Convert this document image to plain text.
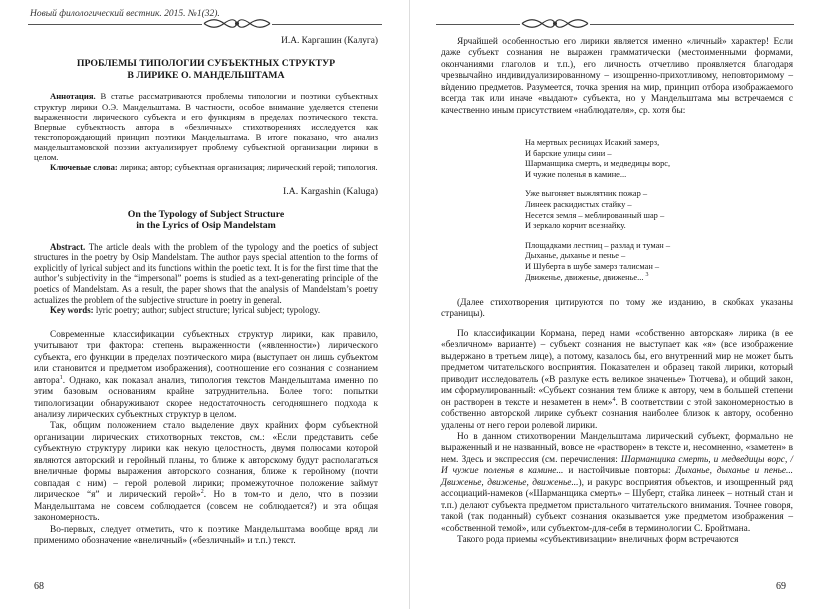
Новый филологический вестник. 2015. №1(32).

И.А. Каргашин (Калуга)

ПРОБЛЕМЫ ТИПОЛОГИИ СУБЪЕКТНЫХ СТРУКТУР
В ЛИРИКЕ О. МАНДЕЛЬШТАМА

Аннотация. В статье рассматриваются проблемы типологии и поэтики субъектных структур лирики О.Э. Мандельштама. В частности, особое внимание уделяется степени выраженности лирического субъекта и его функциям в пределах поэтического текста. Впервые субъектность автора в «безличных» стихотворениях исследуется как текстопорождающий принцип поэтики Мандельштама. В итоге показано, что анализ мандельштамовской поэзии актуализирует проблему субъектной организации лирики в целом.

Ключевые слова: лирика; автор; субъектная организация; лирический герой; типология.

I.A. Kargashin (Kaluga)

On the Typology of Subject Structure
in the Lyrics of Osip Mandelstam

Abstract. The article deals with the problem of the typology and the poetics of subject structures in the poetry by Osip Mandelstam. The author pays special attention to the forms of explicitly of lyrical subject and its functions within the poetic text. It is for the first time that the author’s subjectivity in the “impersonal” poems is studied as a text-generating principle of the poetics of Mandelstam. As a result, the paper shows that the analysis of Mandelstam’s poetry actualizes the problem of the subjective structure in poetry in general.

Key words: lyric poetry; author; subject structure; lyrical subject; typology.

Современные классификации субъектных структур лирики, как правило, учитывают три фактора: степень выраженности («явленности») лирического субъекта, его функции в пределах поэтического мира (выступает он лишь субъектом или становится и предметом изображения), соотношение его сознания с сознанием автора$^1$. Однако, как показал анализ, типология текстов Мандельштама именно по этим базовым основаниям крайне затруднительна. Более того: попытки типологизации обнаруживают скорее недостаточность сегодняшнего подхода к анализу лирических субъектных структур в целом.

Так, общим положением стало выделение двух крайних форм субъектной организации лирических стихотворных текстов, см.: «Если представить себе субъектную структуру лирики как некую целостность, двумя полюсами которой являются авторский и геройный планы, то ближе к авторскому будут располагаться внеличные формы выражения авторского сознания, ближе к геройному (почти совпадая с ним) – герой ролевой лирики; промежуточное положение займут лирическое “я” и лирический герой»$^2$. Но в том-то и дело, что в поэзии Мандельштама не совсем соблюдается (совсем не соблюдается?) и эта общая закономерность.

Во-первых, следует отметить, что к поэтике Мандельштама вообще вряд ли применимо обозначение «внеличный» («безличный» и т.п.) текст.

68

Ярчайшей особенностью его лирики является именно «личный» характер! Если даже субъект сознания не выражен грамматически (местоименными формами, окончаниями глаголов и т.п.), его личность отчетливо проявляется благодаря чрезвычайно индивидуализированному – изощренно-прихотливому, неповторимому – вѝдению предметов. Разумеется, точка зрения на мир, принцип отбора изображаемого всегда так или иначе «выдают» субъекта, но у Мандельштама мы встречаемся с качественно иным присутствием «наблюдателя», ср. хотя бы:

На мертвых ресницах Исакий замерз,
И барские улицы сини –
Шарманщика смерть, и медведицы ворс,
И чужие поленья в камине...
Уже выгоняет выжлятник пожар –
Линеек раскидистых стайку –
Несется земля – меблированный шар –
И зеркало корчит всезнайку.
Площадками лестниц – разлад и туман –
Дыханье, дыханье и пенье –
И Шуберта в шубе замерз талисман –
Движенье, движенье, движенье... $^3$

(Далее стихотворения цитируются по тому же изданию, в скобках указаны страницы).

По классификации Кормана, перед нами «собственно авторская» лирика (в ее «безличном» варианте) – субъект сознания не выступает как «я» (все изображение выдержано в третьем лице), а потому, казалось бы, его внутренний мир не может быть предметом читательского восприятия. Показателен и образец такой лирики, который приводит исследователь («В разлуке есть великое значенье» Тютчева), и общий закон, им сформулированный: «Субъект сознания тем ближе к автору, чем в большей степени он растворен в тексте и незаметен в нем»$^4$. В соответствии с этой закономерностью в собственно авторской лирике субъект сознания наиболее близок к автору, особенно удалены от него герои ролевой лирики.

Но в данном стихотворении Мандельштама лирический субъект, формально не выраженный и не названный, вовсе не «растворен» в тексте и, несомненно, «заметен» в нем. Здесь и экспрессия (см. перечисления: Шарманщика смерть, и медведицы ворс, / И чужие поленья в камине... и настойчивые повторы: Дыханье, дыханье и пенье... Движенье, движенье, движенье...), и ракурс восприятия объектов, и изощренный ряд ассоциаций-намеков («Шарманщика смерть» – Шуберт, стайка линеек – нотный стан и т.п.) делают субъекта предметом пристального читательского внимания. Точнее говоря, такой (так поданный) субъект сознания оказывается уже предметом изображения – «собственной темой», или субъектом-для-себя в терминологии С. Бройтмана.

Такого рода приемы «субъективизации» внеличных форм встречаются

69
